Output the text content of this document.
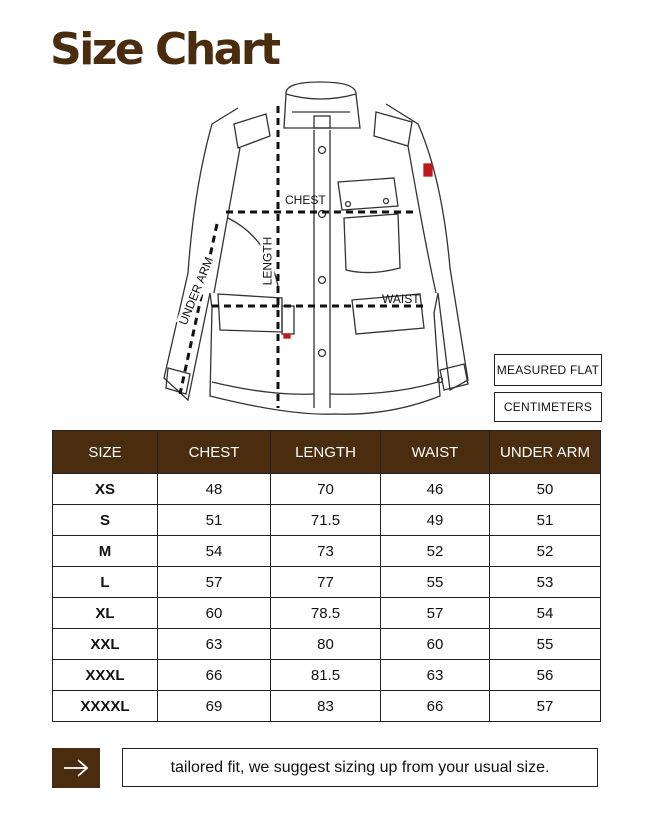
Size Chart
CHEST
WAIST
LENGTH
UNDER ARM
MEASURED FLAT
CENTIMETERS
SIZE	CHEST	LENGTH	WAIST	UNDER ARM
XS	48	70	46	50
S	51	71.5	49	51
M	54	73	52	52
L	57	77	55	53
XL	60	78.5	57	54
XXL	63	80	60	55
XXXL	66	81.5	63	56
XXXXL	69	83	66	57
tailored fit, we suggest sizing up from your usual size.
